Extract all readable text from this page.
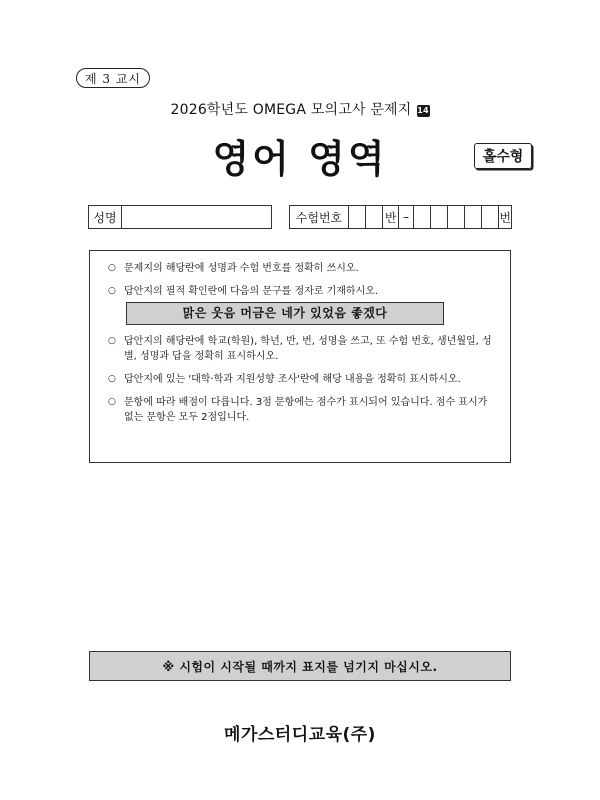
제 3 교시
2026학년도 OMEGA 모의고사 문제지 14
영어 영역	홀수형
성명	수험번호	반 –	번
○ 문제지의 해당란에 성명과 수험 번호를 정확히 쓰시오.
○ 답안지의 필적 확인란에 다음의 문구를 정자로 기재하시오.
맑은 웃음 머금은 네가 있었음 좋겠다
○ 답안지의 해당란에 학교(학원), 학년, 반, 번, 성명을 쓰고, 또 수험 번호, 생년월일, 성별, 성명과 답을 정확히 표시하시오.
○ 답안지에 있는 '대학·학과 지원성향 조사'란에 해당 내용을 정확히 표시하시오.
○ 문항에 따라 배점이 다릅니다. 3점 문항에는 점수가 표시되어 있습니다. 점수 표시가 없는 문항은 모두 2점입니다.
※ 시험이 시작될 때까지 표지를 넘기지 마십시오.
메가스터디교육(주)
